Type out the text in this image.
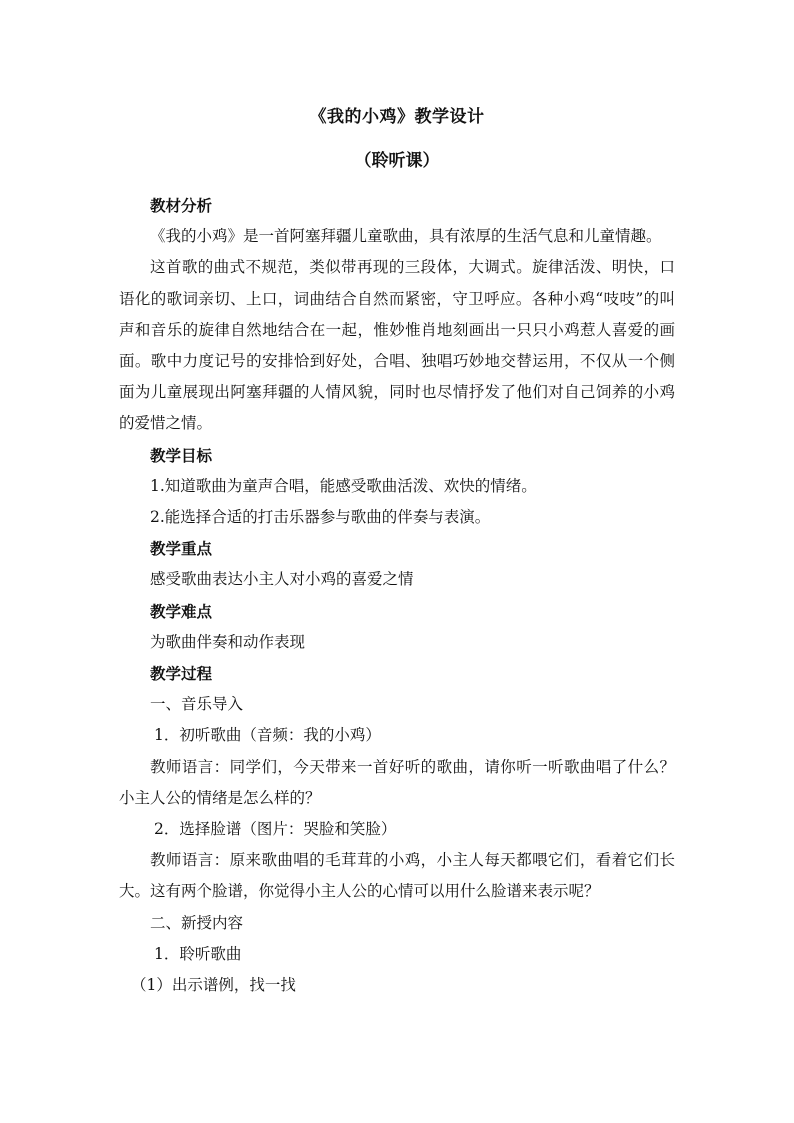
《我的小鸡》教学设计
（聆听课）

教材分析

《我的小鸡》是一首阿塞拜疆儿童歌曲，具有浓厚的生活气息和儿童情趣。

这首歌的曲式不规范，类似带再现的三段体，大调式。旋律活泼、明快，口语化的歌词亲切、上口，词曲结合自然而紧密，守卫呼应。各种小鸡“吱吱”的叫声和音乐的旋律自然地结合在一起，惟妙惟肖地刻画出一只只小鸡惹人喜爱的画面。歌中力度记号的安排恰到好处，合唱、独唱巧妙地交替运用，不仅从一个侧面为儿童展现出阿塞拜疆的人情风貌，同时也尽情抒发了他们对自己饲养的小鸡的爱惜之情。

教学目标

1.知道歌曲为童声合唱，能感受歌曲活泼、欢快的情绪。

2.能选择合适的打击乐器参与歌曲的伴奏与表演。

教学重点

感受歌曲表达小主人对小鸡的喜爱之情

教学难点

为歌曲伴奏和动作表现

教学过程

一、音乐导入

1．初听歌曲（音频：我的小鸡）

教师语言：同学们，今天带来一首好听的歌曲，请你听一听歌曲唱了什么？小主人公的情绪是怎么样的？

2．选择脸谱（图片：哭脸和笑脸）

教师语言：原来歌曲唱的毛茸茸的小鸡，小主人每天都喂它们，看着它们长大。这有两个脸谱，你觉得小主人公的心情可以用什么脸谱来表示呢？

二、新授内容

1．聆听歌曲

（1）出示谱例，找一找
